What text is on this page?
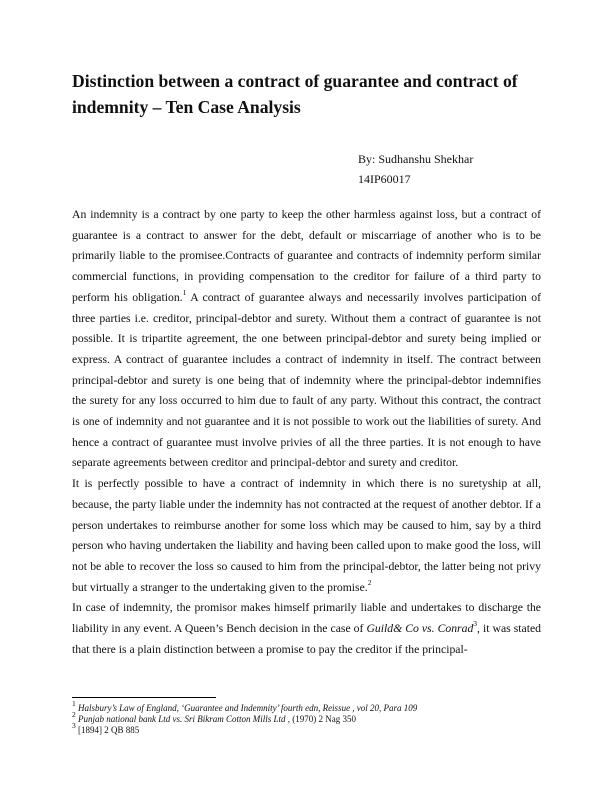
Distinction between a contract of guarantee and contract of indemnity – Ten Case Analysis
By: Sudhanshu Shekhar
14IP60017

An indemnity is a contract by one party to keep the other harmless against loss, but a contract of guarantee is a contract to answer for the debt, default or miscarriage of another who is to be primarily liable to the promisee.Contracts of guarantee and contracts of indemnity perform similar commercial functions, in providing compensation to the creditor for failure of a third party to perform his obligation.$^1$ A contract of guarantee always and necessarily involves participation of three parties i.e. creditor, principal-debtor and surety. Without them a contract of guarantee is not possible. It is tripartite agreement, the one between principal-debtor and surety being implied or express. A contract of guarantee includes a contract of indemnity in itself. The contract between principal-debtor and surety is one being that of indemnity where the principal-debtor indemnifies the surety for any loss occurred to him due to fault of any party. Without this contract, the contract is one of indemnity and not guarantee and it is not possible to work out the liabilities of surety. And hence a contract of guarantee must involve privies of all the three parties. It is not enough to have separate agreements between creditor and principal-debtor and surety and creditor.

It is perfectly possible to have a contract of indemnity in which there is no suretyship at all, because, the party liable under the indemnity has not contracted at the request of another debtor. If a person undertakes to reimburse another for some loss which may be caused to him, say by a third person who having undertaken the liability and having been called upon to make good the loss, will not be able to recover the loss so caused to him from the principal-debtor, the latter being not privy but virtually a stranger to the undertaking given to the promise.$^2$

In case of indemnity, the promisor makes himself primarily liable and undertakes to discharge the liability in any event. A Queen’s Bench decision in the case of Guild& Co vs. Conrad$^3$, it was stated that there is a plain distinction between a promise to pay the creditor if the principal-

$^1$ Halsbury’s Law of England, ‘Guarantee and Indemnity’ fourth edn, Reissue , vol 20, Para 109
$^2$ Punjab national bank Ltd vs. Sri Bikram Cotton Mills Ltd , (1970) 2 Nag 350
$^3$ [1894] 2 QB 885
